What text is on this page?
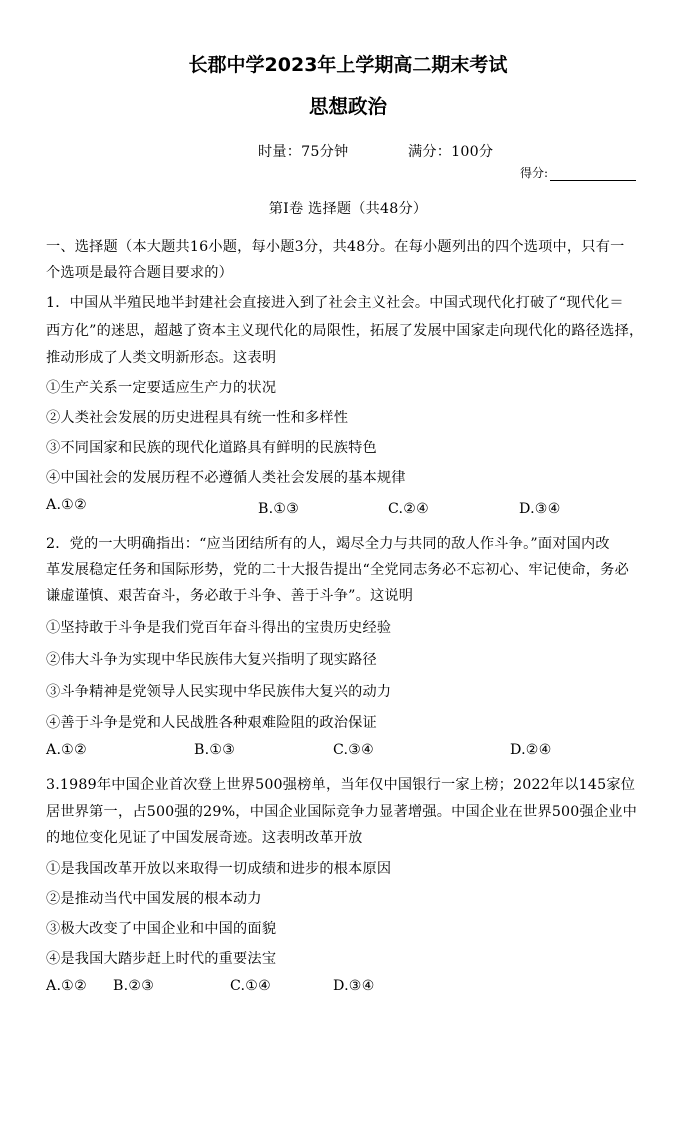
长郡中学2023年上学期高二期末考试
思想政治
时量：75分钟	满分：100分
得分:
第Ⅰ卷 选择题（共48分）
一、选择题（本大题共16小题，每小题3分，共48分。在每小题列出的四个选项中，只有一
个选项是最符合题目要求的）
1．中国从半殖民地半封建社会直接进入到了社会主义社会。中国式现代化打破了“现代化＝
西方化”的迷思，超越了资本主义现代化的局限性，拓展了发展中国家走向现代化的路径选择，
推动形成了人类文明新形态。这表明
①生产关系一定要适应生产力的状况
②人类社会发展的历史进程具有统一性和多样性
③不同国家和民族的现代化道路具有鲜明的民族特色
④中国社会的发展历程不必遵循人类社会发展的基本规律
A.①②	B.①③	C.②④	D.③④
2．党的一大明确指出：“应当团结所有的人，竭尽全力与共同的敌人作斗争。”面对国内改
革发展稳定任务和国际形势，党的二十大报告提出“全党同志务必不忘初心、牢记使命，务必
谦虚谨慎、艰苦奋斗，务必敢于斗争、善于斗争”。这说明
①坚持敢于斗争是我们党百年奋斗得出的宝贵历史经验
②伟大斗争为实现中华民族伟大复兴指明了现实路径
③斗争精神是党领导人民实现中华民族伟大复兴的动力
④善于斗争是党和人民战胜各种艰难险阻的政治保证
A.①②	B.①③	C.③④	D.②④
3.1989年中国企业首次登上世界500强榜单，当年仅中国银行一家上榜；2022年以145家位
居世界第一，占500强的29%，中国企业国际竞争力显著增强。中国企业在世界500强企业中
的地位变化见证了中国发展奇迹。这表明改革开放
①是我国改革开放以来取得一切成绩和进步的根本原因
②是推动当代中国发展的根本动力
③极大改变了中国企业和中国的面貌
④是我国大踏步赶上时代的重要法宝
A.①② B.②③	C.①④	D.③④
